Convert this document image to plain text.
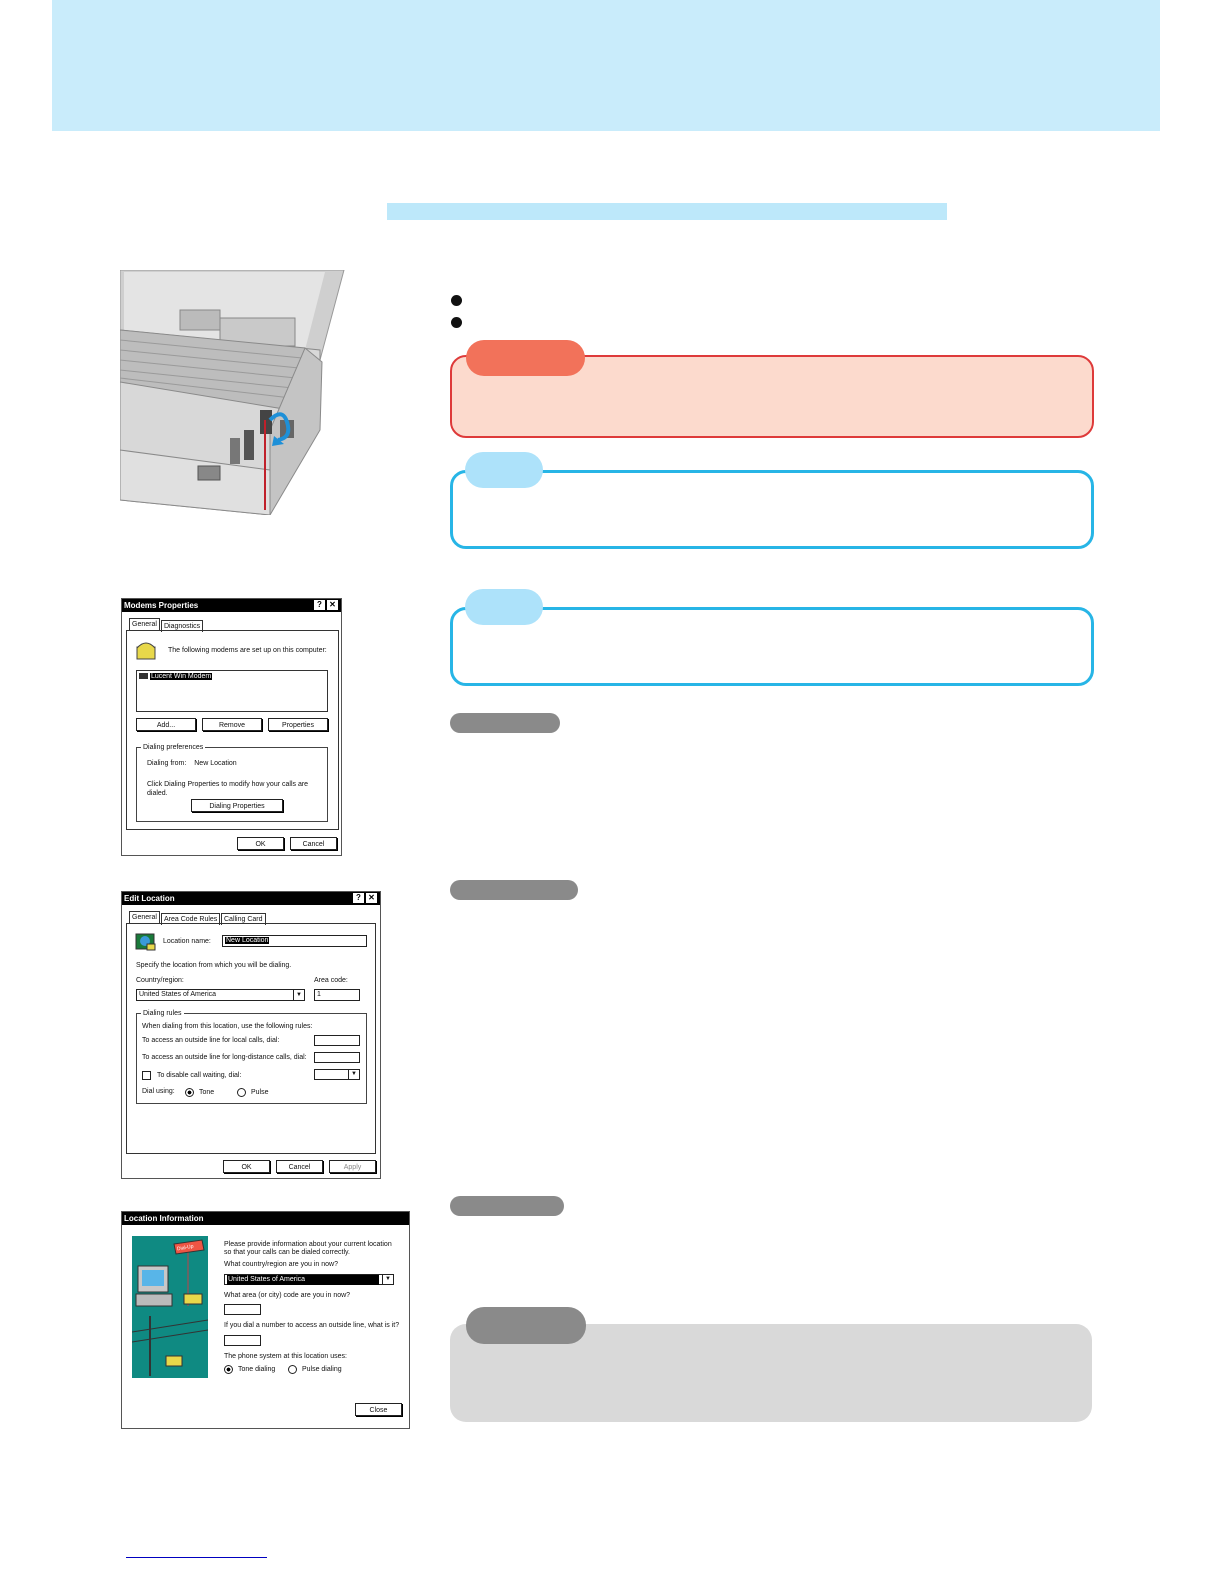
Modems Properties	? ✕
General	Diagnostics
The following modems are set up on this computer:
Lucent Win Modem
Add...	Remove	Properties
Dialing preferences
Dialing from: New Location
Click Dialing Properties to modify how your calls are dialed.
Dialing Properties
OK	Cancel
Edit Location	? ✕
General	Area Code Rules Calling Card
Location name:	New Location
Specify the location from which you will be dialing.
Country/region:	Area code:
United States of America	▼	1
Dialing rules
When dialing from this location, use the following rules:
To access an outside line for local calls, dial:
To access an outside line for long-distance calls, dial:
To disable call waiting, dial:	▼
Dial using:	Tone	Pulse
OK	Cancel	Apply
Location Information
Dial-Up	Please provide information about your current location so that your calls can be dialed correctly.
What country/region are you in now?
United States of America	▼
What area (or city) code are you in now?
If you dial a number to access an outside line, what is it?
The phone system at this location uses:
Tone dialing	Pulse dialing
Close
